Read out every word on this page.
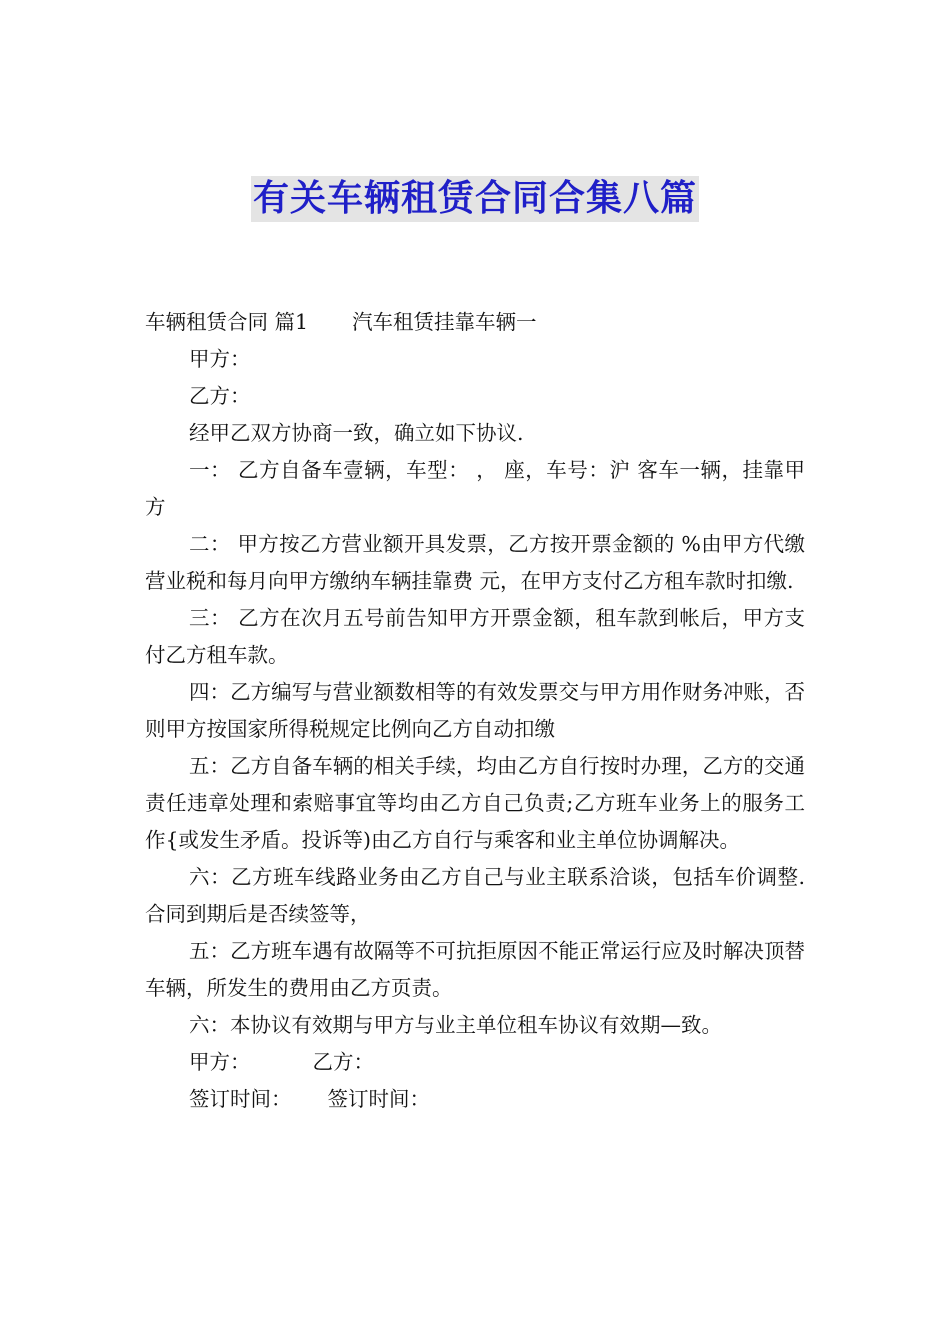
有关车辆租赁合同合集八篇
车辆租赁合同 篇1 汽车租赁挂靠车辆一
甲方：
乙方：
经甲乙双方协商一致，确立如下协议.

一： 乙方自备车壹辆，车型： ， 座，车号：沪 客车一辆，挂靠甲方

二： 甲方按乙方营业额开具发票，乙方按开票金额的 %由甲方代缴营业税和每月向甲方缴纳车辆挂靠费 元，在甲方支付乙方租车款时扣缴.

三： 乙方在次月五号前告知甲方开票金额，租车款到帐后，甲方支付乙方租车款。

四：乙方编写与营业额数相等的有效发票交与甲方用作财务冲账，否则甲方按国家所得税规定比例向乙方自动扣缴

五：乙方自备车辆的相关手续，均由乙方自行按时办理，乙方的交通责任违章处理和索赔事宜等均由乙方自己负责;乙方班车业务上的服务工作{或发生矛盾。投诉等)由乙方自行与乘客和业主单位协调解决。

六：乙方班车线路业务由乙方自己与业主联系洽谈，包括车价调整.合同到期后是否续签等，

五：乙方班车遇有故隔等不可抗拒原因不能正常运行应及时解决顶替车辆，所发生的费用由乙方页责。

六：本协议有效期与甲方与业主单位租车协议有效期—致。

甲方：	乙方：
签订时间： 签订时间：
